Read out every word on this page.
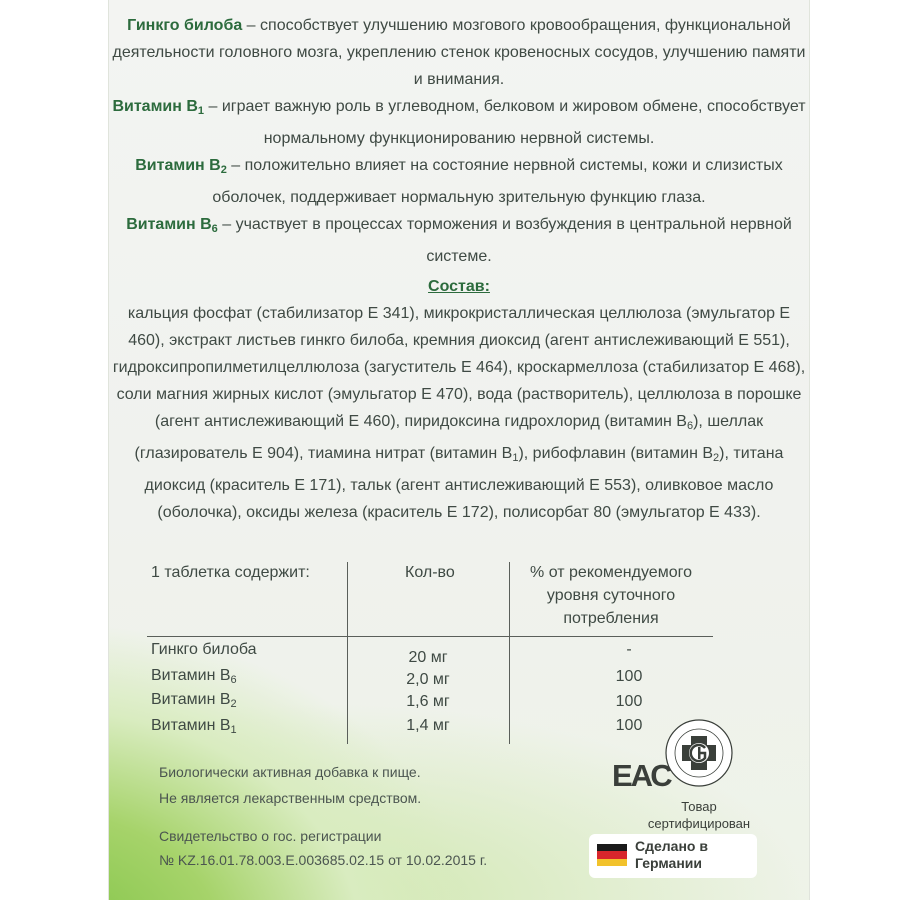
Гинкго билоба – способствует улучшению мозгового кровообращения, функциональной деятельности головного мозга, укреплению стенок кровеносных сосудов, улучшению памяти и внимания.

Витамин $B_1$ – играет важную роль в углеводном, белковом и жировом обмене, способствует нормальному функционированию нервной системы.

Витамин $B_2$ – положительно влияет на состояние нервной системы, кожи и слизистых оболочек, поддерживает нормальную зрительную функцию глаза.

Витамин $B_6$ – участвует в процессах торможения и возбуждения в центральной нервной системе.

Состав:

кальция фосфат (стабилизатор E 341), микрокристаллическая целлюлоза (эмульгатор E 460), экстракт листьев гинкго билоба, кремния диоксид (агент антислеживающий E 551), гидроксипропилметилцеллюлоза (загуститель E 464), кроскармеллоза (стабилизатор E 468), соли магния жирных кислот (эмульгатор E 470), вода (растворитель), целлюлоза в порошке (агент антислеживающий E 460), пиридоксина гидрохлорид (витамин $B_6$), шеллак (глазирователь E 904), тиамина нитрат (витамин $B_1$), рибофлавин (витамин $B_2$), титана диоксид (краситель E 171), тальк (агент антислеживающий E 553), оливковое масло (оболочка), оксиды железа (краситель E 172), полисорбат 80 (эмульгатор E 433).

1 таблетка содержит:	Кол-во	% от рекомендуемого
уровня суточного
потребления
Гинкго билоба	20 мг	-
Витамин $B_6$	2,0 мг	100
Витамин $B_2$	1,6 мг	100
Витамин $B_1$	1,4 мг	100
Биологически активная добавка к пище.
Не является лекарственным средством.
Свидетельство о гос. регистрации
№ KZ.16.01.78.003.E.003685.02.15 от 10.02.2015 г.
ЕАС
Товар
сертифицирован
Сделано в
Германии
